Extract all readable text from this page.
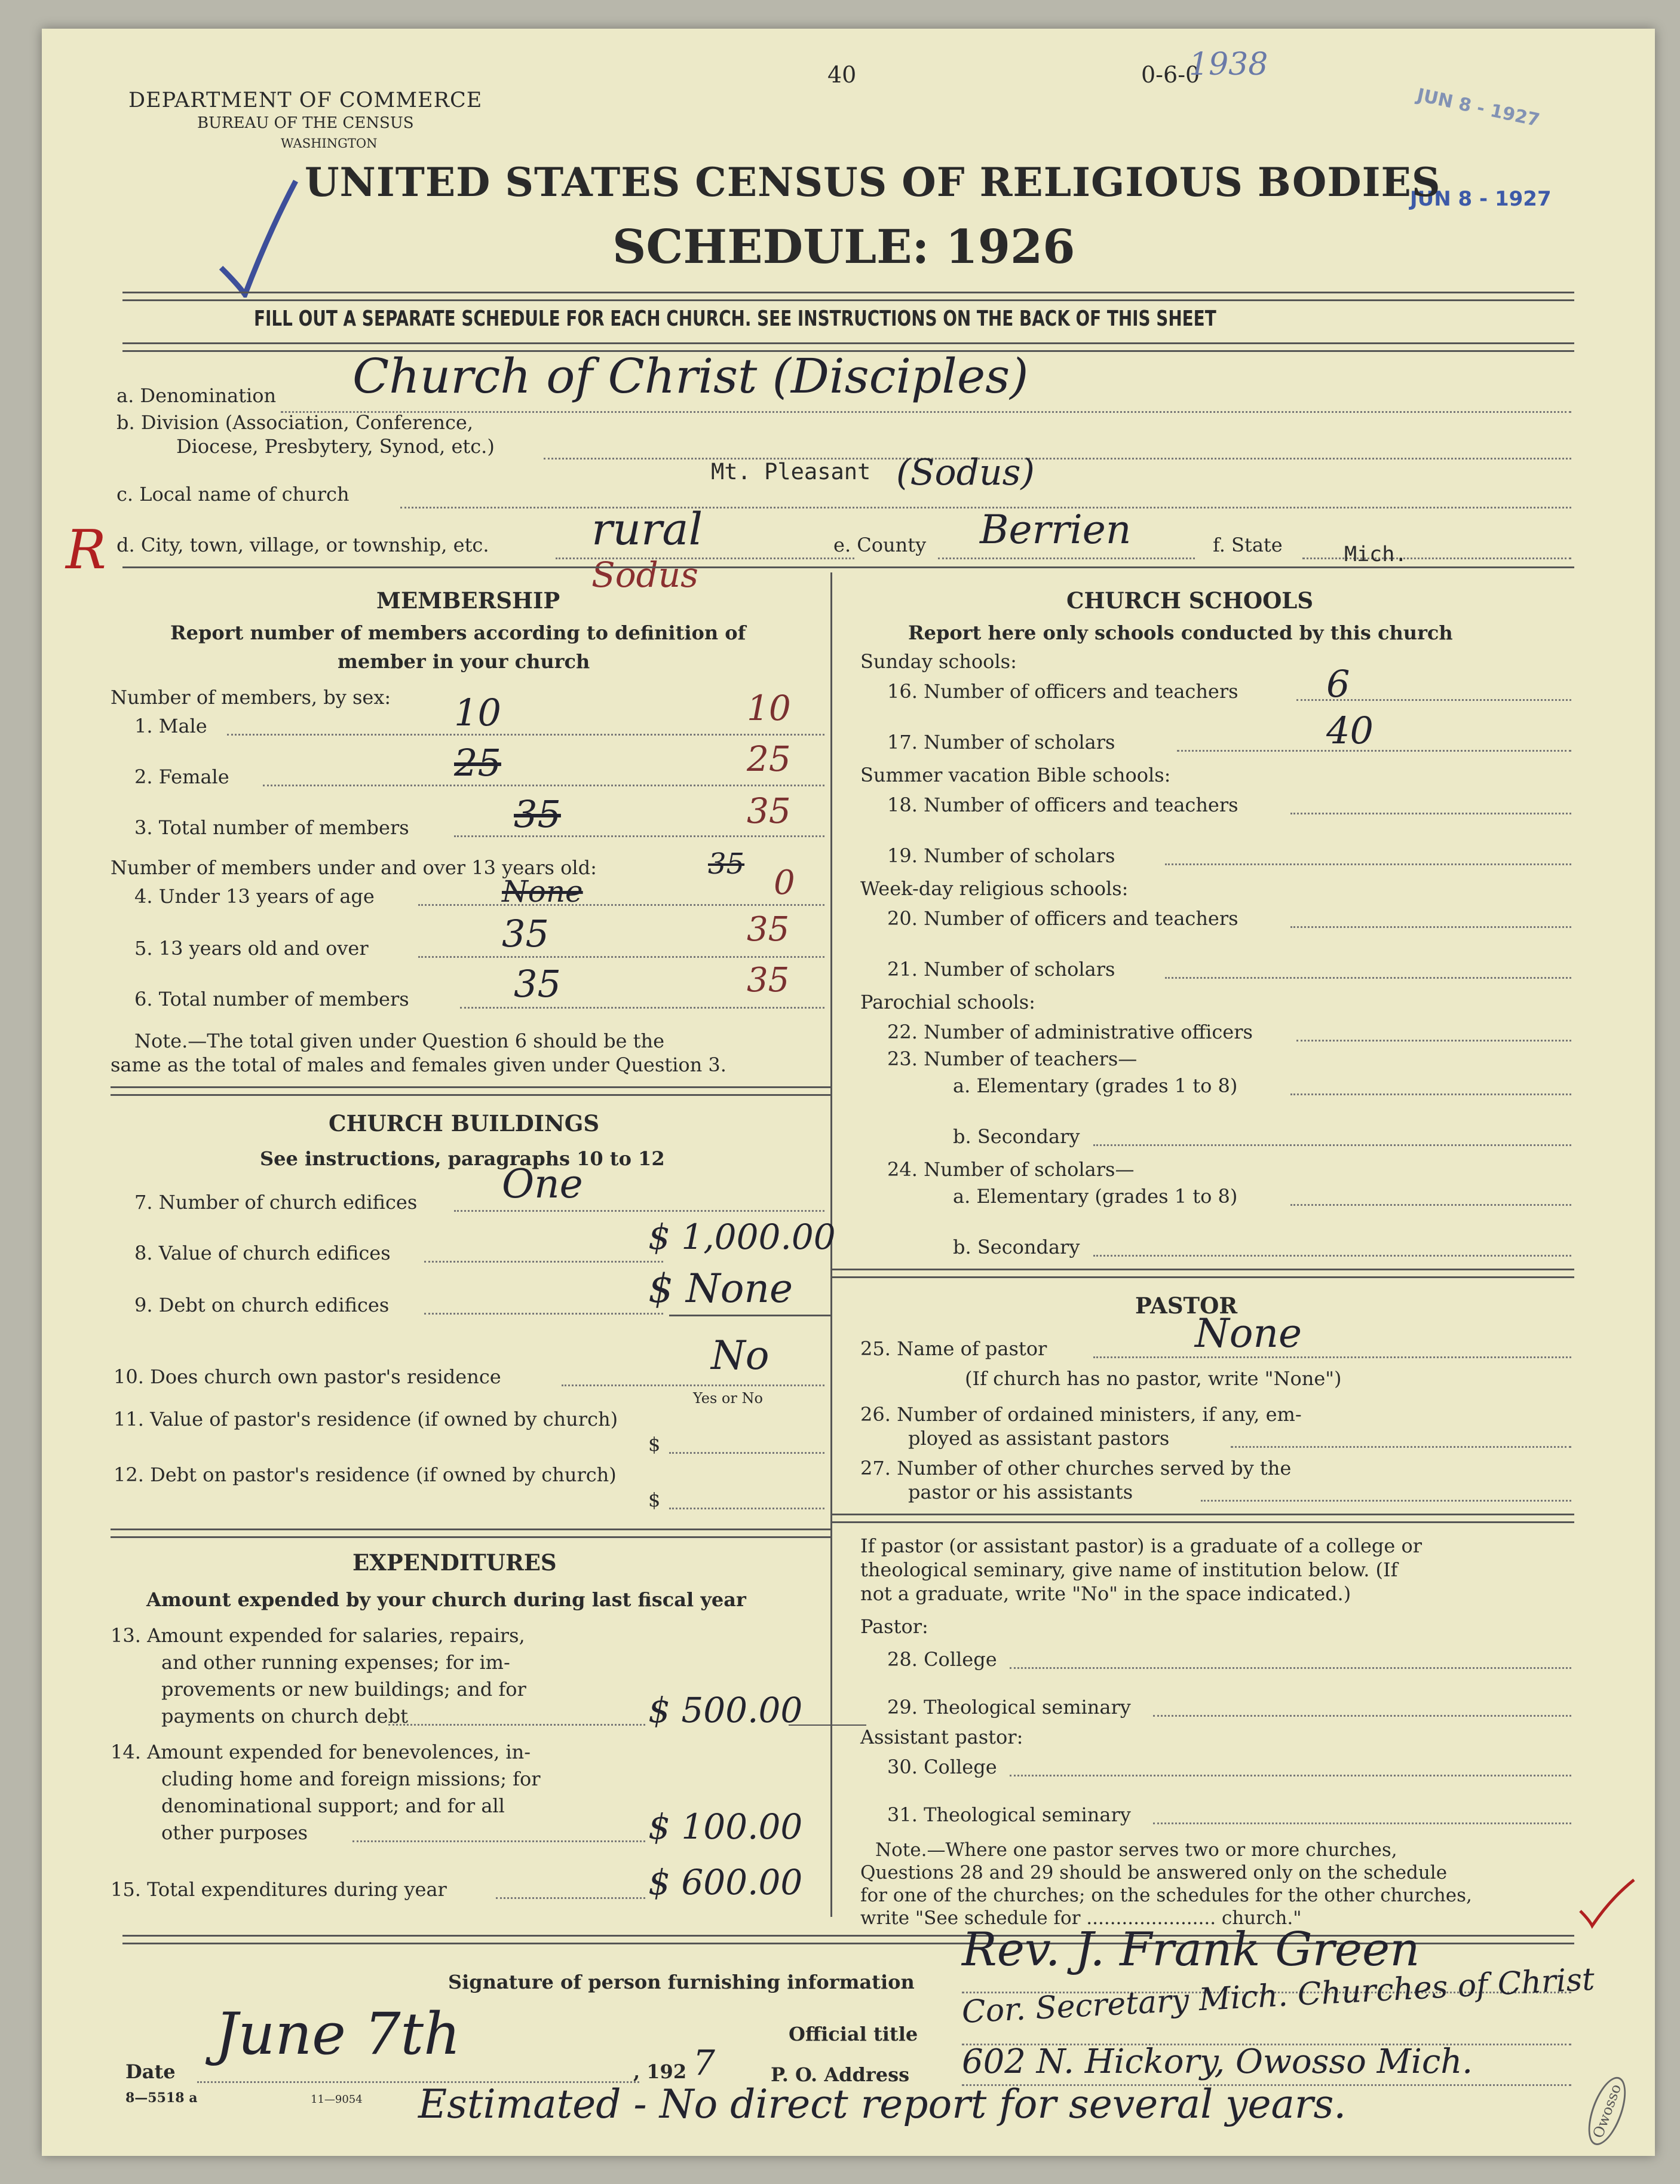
40	0-6-0
1938
DEPARTMENT OF COMMERCE
BUREAU OF THE CENSUS
WASHINGTON
JUN 8 - 1927
JUN 8 - 1927
UNITED STATES CENSUS OF RELIGIOUS BODIES
SCHEDULE: 1926
FILL OUT A SEPARATE SCHEDULE FOR EACH CHURCH. SEE INSTRUCTIONS ON THE BACK OF THIS SHEET
a. Denomination Church of Christ (Disciples)
b. Division (Association, Conference,
Diocese, Presbytery, Synod, etc.)
c. Local name of church
Mt. Pleasant (Sodus)
R d. City, town, village, or township, etc. rural
Sodus
e. County Berrien	f. State	Mich.
MEMBERSHIP
Report number of members according to definition of
member in your church
Number of members, by sex:
1. Male	10	10
2. Female	25	25
3. Total number of members	35	35
Number of members under and over 13 years old:	35
4. Under 13 years of age	None	0
5. 13 years old and over	35	35
6. Total number of members	35	35
Note.—The total given under Question 6 should be the
same as the total of males and females given under Question 3.
CHURCH BUILDINGS
See instructions, paragraphs 10 to 12
7. Number of church edifices One
8. Value of church edifices	$ 1,000.00
9. Debt on church edifices	$ None
10. Does church own pastor's residence	No
Yes or No
11. Value of pastor's residence (if owned by church)
$
12. Debt on pastor's residence (if owned by church)
$
EXPENDITURES
Amount expended by your church during last fiscal year
13. Amount expended for salaries, repairs,
and other running expenses; for im-
provements or new buildings; and for
payments on church debt	$ 500.00
14. Amount expended for benevolences, in-
cluding home and foreign missions; for
denominational support; and for all
other purposes	$ 100.00
15. Total expenditures during year	$ 600.00
CHURCH SCHOOLS
Report here only schools conducted by this church
Sunday schools:
16. Number of officers and teachers 6
17. Number of scholars	40
Summer vacation Bible schools:
18. Number of officers and teachers
19. Number of scholars
Week-day religious schools:
20. Number of officers and teachers
21. Number of scholars
Parochial schools:
22. Number of administrative officers
23. Number of teachers—
a. Elementary (grades 1 to 8)
b. Secondary
24. Number of scholars—
a. Elementary (grades 1 to 8)
b. Secondary
PASTOR
25. Name of pastor	None
(If church has no pastor, write "None")
26. Number of ordained ministers, if any, em-
ployed as assistant pastors
27. Number of other churches served by the
pastor or his assistants
If pastor (or assistant pastor) is a graduate of a college or
theological seminary, give name of institution below. (If
not a graduate, write "No" in the space indicated.)
Pastor:
28. College
29. Theological seminary
Assistant pastor:
30. College
31. Theological seminary
Note.—Where one pastor serves two or more churches,
Questions 28 and 29 should be answered only on the schedule
for one of the churches; on the schedules for the other churches,
write "See schedule for ...................... church."
Signature of person furnishing information
Rev. J. Frank Green
Official title
Cor. Secretary Mich. Churches of Christ
Date
June 7th
, 192 7	P. O. Address 602 N. Hickory, Owosso Mich.
8—5518 a	11—9054 Estimated - No direct report for several years.	Owosso
